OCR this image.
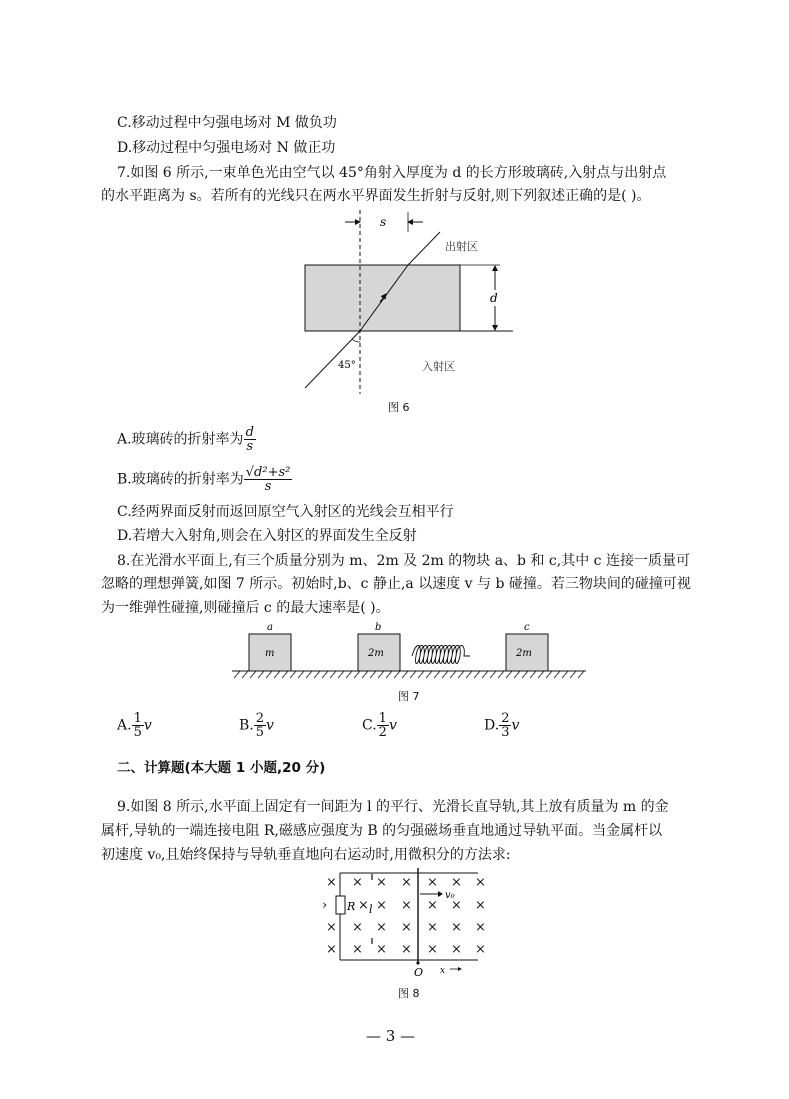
C.移动过程中匀强电场对 M 做负功
D.移动过程中匀强电场对 N 做正功
7.如图 6 所示,一束单色光由空气以 45°角射入厚度为 d 的长方形玻璃砖,入射点与出射点
的水平距离为 s。若所有的光线只在两水平界面发生折射与反射,则下列叙述正确的是( )。
s
d
45°
出射区
入射区
图 6
A.玻璃砖的折射率为 $\frac{d}{s}$
B.玻璃砖的折射率为 $\frac{\text{√d²+s²}}{s}$
C.经两界面反射而返回原空气入射区的光线会互相平行
D.若增大入射角,则会在入射区的界面发生全反射
8.在光滑水平面上,有三个质量分别为 m、2m 及 2m 的物块 a、b 和 c,其中 c 连接一质量可
忽略的理想弹簧,如图 7 所示。初始时,b、c 静止,a 以速度 v 与 b 碰撞。若三物块间的碰撞可视
为一维弹性碰撞,则碰撞后 c 的最大速率是( )。
a
m
b
2m
c
2m
图 7
A. $\frac{1}{5}$ v	B. $\frac{2}{5}$ v	C. $\frac{1}{2}$ v	D. $\frac{2}{3}$ v
二、计算题(本大题 1 小题,20 分)
9.如图 8 所示,水平面上固定有一间距为 l 的平行、光滑长直导轨,其上放有质量为 m 的金
属杆,导轨的一端连接电阻 R,磁感应强度为 B 的匀强磁场垂直地通过导轨平面。当金属杆以
初速度 v₀,且始终保持与导轨垂直地向右运动时,用微积分的方法求:
R
× × × × × × ×
× × × × × ×
× × × × × × ×
× × × × × × ×
›	l
v₀
O x
图 8
— 3 —
